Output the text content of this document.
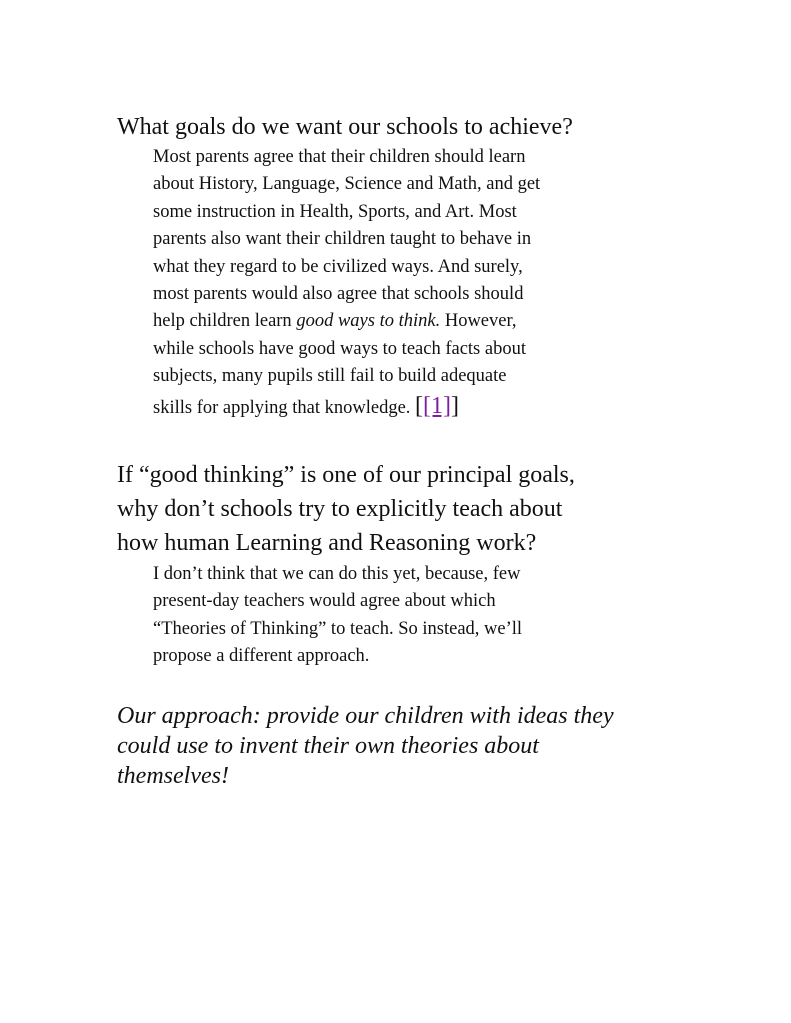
What goals do we want our schools to achieve?

Most parents agree that their children should learn
about History, Language, Science and Math, and get
some instruction in Health, Sports, and Art. Most
parents also want their children taught to behave in
what they regard to be civilized ways. And surely,
most parents would also agree that schools should
help children learn good ways to think. However,
while schools have good ways to teach facts about
subjects, many pupils still fail to build adequate
skills for applying that knowledge. [[1]]

If “good thinking” is one of our principal goals,
why don’t schools try to explicitly teach about
how human Learning and Reasoning work?

I don’t think that we can do this yet, because, few
present-day teachers would agree about which
“Theories of Thinking” to teach. So instead, we’ll
propose a different approach.

Our approach: provide our children with ideas they
could use to invent their own theories about
themselves!
